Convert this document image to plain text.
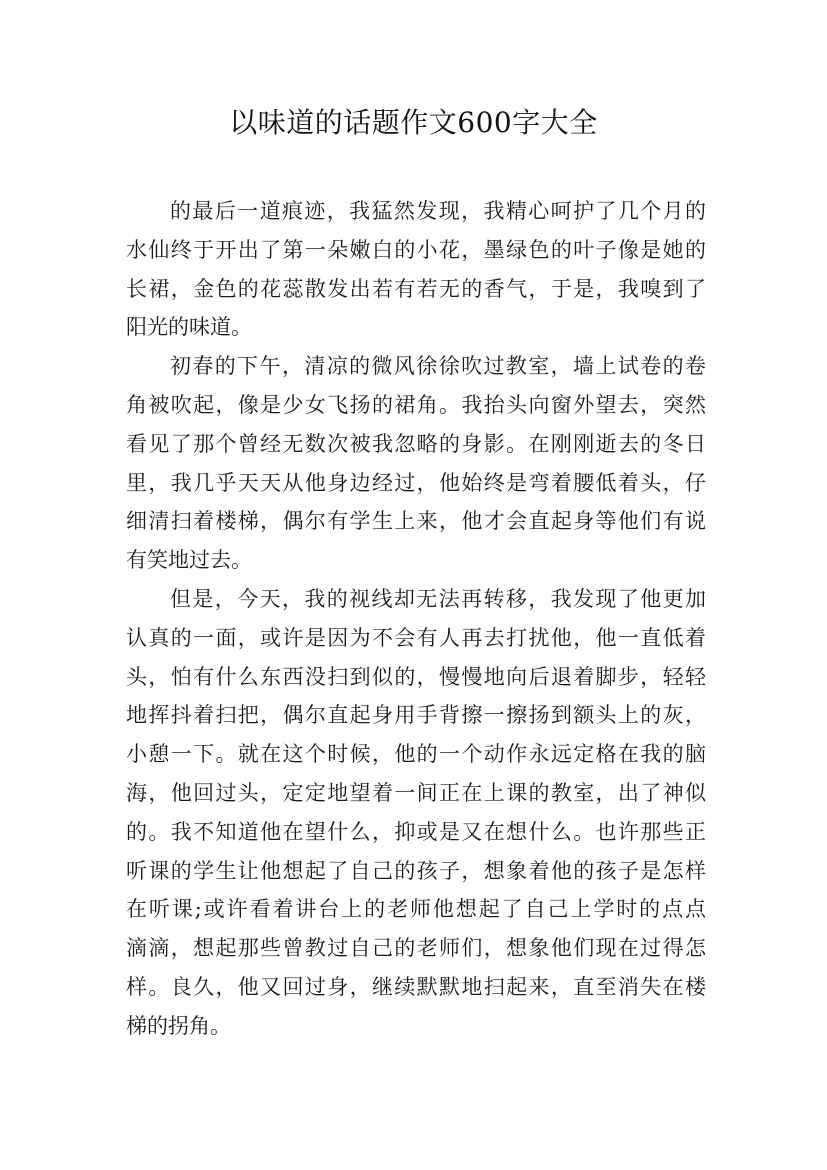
以味道的话题作文600字大全
的最后一道痕迹，我猛然发现，我精心呵护了几个月的
水仙终于开出了第一朵嫩白的小花，墨绿色的叶子像是她的
长裙，金色的花蕊散发出若有若无的香气，于是，我嗅到了
阳光的味道。
初春的下午，清凉的微风徐徐吹过教室，墙上试卷的卷
角被吹起，像是少女飞扬的裙角。我抬头向窗外望去，突然
看见了那个曾经无数次被我忽略的身影。在刚刚逝去的冬日
里，我几乎天天从他身边经过，他始终是弯着腰低着头，仔
细清扫着楼梯，偶尔有学生上来，他才会直起身等他们有说
有笑地过去。
但是，今天，我的视线却无法再转移，我发现了他更加
认真的一面，或许是因为不会有人再去打扰他，他一直低着
头，怕有什么东西没扫到似的，慢慢地向后退着脚步，轻轻
地挥抖着扫把，偶尔直起身用手背擦一擦扬到额头上的灰，
小憩一下。就在这个时候，他的一个动作永远定格在我的脑
海，他回过头，定定地望着一间正在上课的教室，出了神似
的。我不知道他在望什么，抑或是又在想什么。也许那些正
听课的学生让他想起了自己的孩子，想象着他的孩子是怎样
在听课;或许看着讲台上的老师他想起了自己上学时的点点
滴滴，想起那些曾教过自己的老师们，想象他们现在过得怎
样。良久，他又回过身，继续默默地扫起来，直至消失在楼
梯的拐角。
